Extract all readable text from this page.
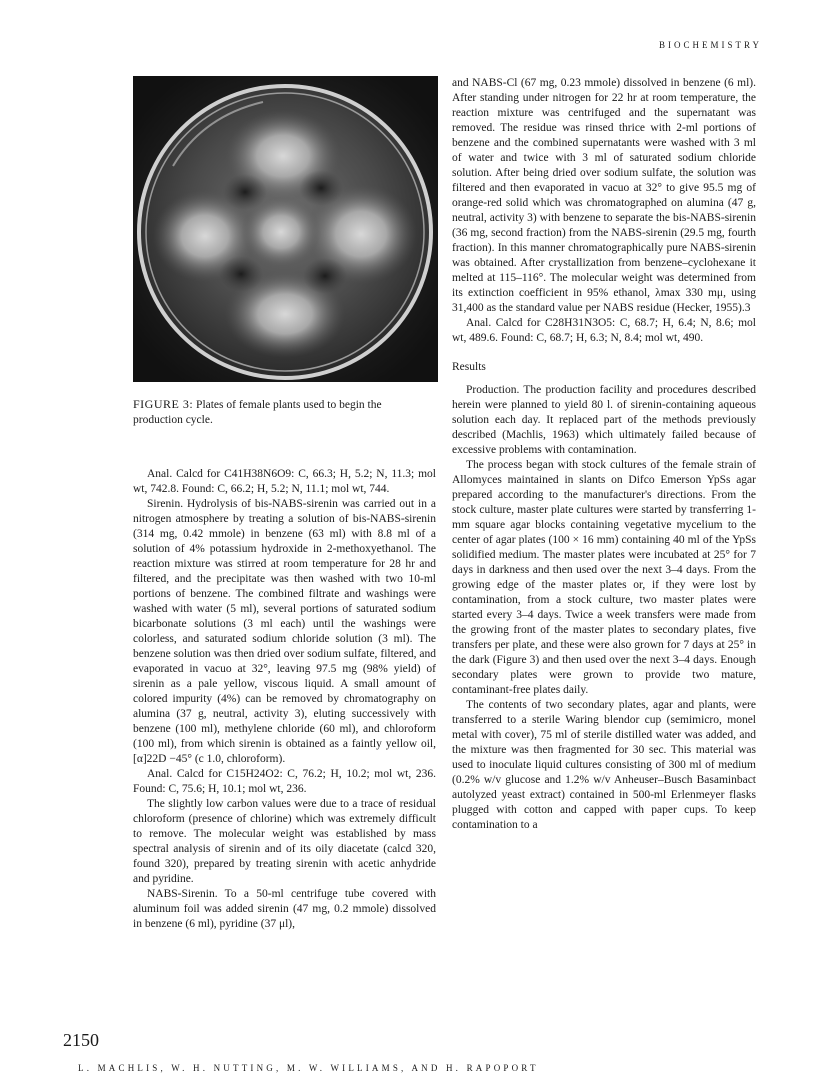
BIOCHEMISTRY
FIGURE 3: Plates of female plants used to begin the production cycle.

Anal. Calcd for C41H38N6O9: C, 66.3; H, 5.2; N, 11.3; mol wt, 742.8. Found: C, 66.2; H, 5.2; N, 11.1; mol wt, 744.

Sirenin. Hydrolysis of bis-NABS-sirenin was carried out in a nitrogen atmosphere by treating a solution of bis-NABS-sirenin (314 mg, 0.42 mmole) in benzene (63 ml) with 8.8 ml of a solution of 4% potassium hydroxide in 2-methoxyethanol. The reaction mixture was stirred at room temperature for 28 hr and filtered, and the precipitate was then washed with two 10-ml portions of benzene. The combined filtrate and washings were washed with water (5 ml), several portions of saturated sodium bicarbonate solutions (3 ml each) until the washings were colorless, and saturated sodium chloride solution (3 ml). The benzene solution was then dried over sodium sulfate, filtered, and evaporated in vacuo at 32°, leaving 97.5 mg (98% yield) of sirenin as a pale yellow, viscous liquid. A small amount of colored impurity (4%) can be removed by chromatography on alumina (37 g, neutral, activity 3), eluting successively with benzene (100 ml), methylene chloride (60 ml), and chloroform (100 ml), from which sirenin is obtained as a faintly yellow oil, [α]22D −45° (c 1.0, chloroform).

Anal. Calcd for C15H24O2: C, 76.2; H, 10.2; mol wt, 236. Found: C, 75.6; H, 10.1; mol wt, 236.

The slightly low carbon values were due to a trace of residual chloroform (presence of chlorine) which was extremely difficult to remove. The molecular weight was established by mass spectral analysis of sirenin and of its oily diacetate (calcd 320, found 320), prepared by treating sirenin with acetic anhydride and pyridine.

NABS-Sirenin. To a 50-ml centrifuge tube covered with aluminum foil was added sirenin (47 mg, 0.2 mmole) dissolved in benzene (6 ml), pyridine (37 μl),

and NABS-Cl (67 mg, 0.23 mmole) dissolved in benzene (6 ml). After standing under nitrogen for 22 hr at room temperature, the reaction mixture was centrifuged and the supernatant was removed. The residue was rinsed thrice with 2-ml portions of benzene and the combined supernatants were washed with 3 ml of water and twice with 3 ml of saturated sodium chloride solution. After being dried over sodium sulfate, the solution was filtered and then evaporated in vacuo at 32° to give 95.5 mg of orange-red solid which was chromatographed on alumina (47 g, neutral, activity 3) with benzene to separate the bis-NABS-sirenin (36 mg, second fraction) from the NABS-sirenin (29.5 mg, fourth fraction). In this manner chromatographically pure NABS-sirenin was obtained. After crystallization from benzene–cyclohexane it melted at 115–116°. The molecular weight was determined from its extinction coefficient in 95% ethanol, λmax 330 mμ, using 31,400 as the standard value per NABS residue (Hecker, 1955).3

Anal. Calcd for C28H31N3O5: C, 68.7; H, 6.4; N, 8.6; mol wt, 489.6. Found: C, 68.7; H, 6.3; N, 8.4; mol wt, 490.

Results

Production. The production facility and procedures described herein were planned to yield 80 l. of sirenin-containing aqueous solution each day. It replaced part of the methods previously described (Machlis, 1963) which ultimately failed because of excessive problems with contamination.

The process began with stock cultures of the female strain of Allomyces maintained in slants on Difco Emerson YpSs agar prepared according to the manufacturer's directions. From the stock culture, master plate cultures were started by transferring 1-mm square agar blocks containing vegetative mycelium to the center of agar plates (100 × 16 mm) containing 40 ml of the YpSs solidified medium. The master plates were incubated at 25° for 7 days in darkness and then used over the next 3–4 days. From the growing edge of the master plates or, if they were lost by contamination, from a stock culture, two master plates were started every 3–4 days. Twice a week transfers were made from the growing front of the master plates to secondary plates, five transfers per plate, and these were also grown for 7 days at 25° in the dark (Figure 3) and then used over the next 3–4 days. Enough secondary plates were grown to provide two mature, contaminant-free plates daily.

The contents of two secondary plates, agar and plants, were transferred to a sterile Waring blendor cup (semimicro, monel metal with cover), 75 ml of sterile distilled water was added, and the mixture was then fragmented for 30 sec. This material was used to inoculate liquid cultures consisting of 300 ml of medium (0.2% w/v glucose and 1.2% w/v Anheuser–Busch Basaminbact autolyzed yeast extract) contained in 500-ml Erlenmeyer flasks plugged with cotton and capped with paper cups. To keep contamination to a

2150
L. MACHLIS, W. H. NUTTING, M. W. WILLIAMS, AND H. RAPOPORT
